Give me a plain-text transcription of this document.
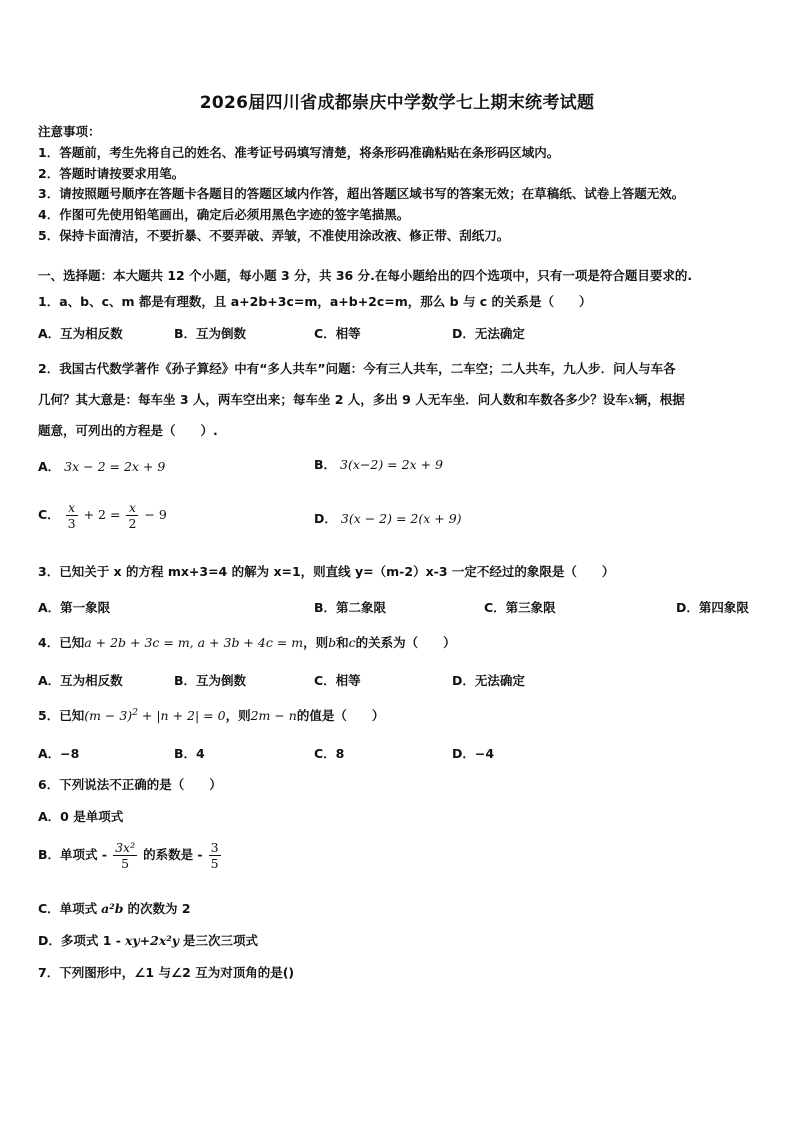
2026届四川省成都崇庆中学数学七上期末统考试题
注意事项：
1．答题前，考生先将自己的姓名、准考证号码填写清楚，将条形码准确粘贴在条形码区域内。
2．答题时请按要求用笔。
3．请按照题号顺序在答题卡各题目的答题区域内作答，超出答题区域书写的答案无效；在草稿纸、试卷上答题无效。
4．作图可先使用铅笔画出，确定后必须用黑色字迹的签字笔描黑。
5．保持卡面清洁，不要折暴、不要弄破、弄皱，不准使用涂改液、修正带、刮纸刀。
一、选择题：本大题共 12 个小题，每小题 3 分，共 36 分.在每小题给出的四个选项中，只有一项是符合题目要求的.
1．a、b、c、m 都是有理数，且 a+2b+3c=m，a+b+2c=m，那么 b 与 c 的关系是（　　）
A．互为相反数	B．互为倒数	C．相等	D．无法确定
2．我国古代数学著作《孙子算经》中有“多人共车”问题：今有三人共车，二车空；二人共车，九人步．问人与车各
几何？其大意是：每车坐 3 人，两车空出来；每车坐 2 人，多出 9 人无车坐．问人数和车数各多少？设车x辆，根据
题意，可列出的方程是（　　）.
A． 3x − 2 = 2x + 9	B． 3(x−2) = 2x + 9
C． $\frac{x}{3} + 2 = \frac{x}{2} - 9$	D． 3(x − 2) = 2(x + 9)
3．已知关于 x 的方程 mx+3=4 的解为 x=1，则直线 y=（m-2）x-3 一定不经过的象限是（　　）
A．第一象限	B．第二象限	C．第三象限	D．第四象限
4．已知a + 2b + 3c = m, a + 3b + 4c = m，则b和c的关系为（　　）
A．互为相反数	B．互为倒数	C．相等	D．无法确定
5．已知$(m - 3)^2 + |n + 2| = 0$，则2m − n的值是（　　）
A．−8	B．4	C．8	D．−4
6．下列说法不正确的是（　　）
A．0 是单项式
B．单项式 - $\frac{\text{3x²}}{5}$ 的系数是 - $\frac{3}{5}$
C．单项式 a²b 的次数为 2
D．多项式 1 - xy+2x²y 是三次三项式
7．下列图形中，∠1 与∠2 互为对顶角的是()
